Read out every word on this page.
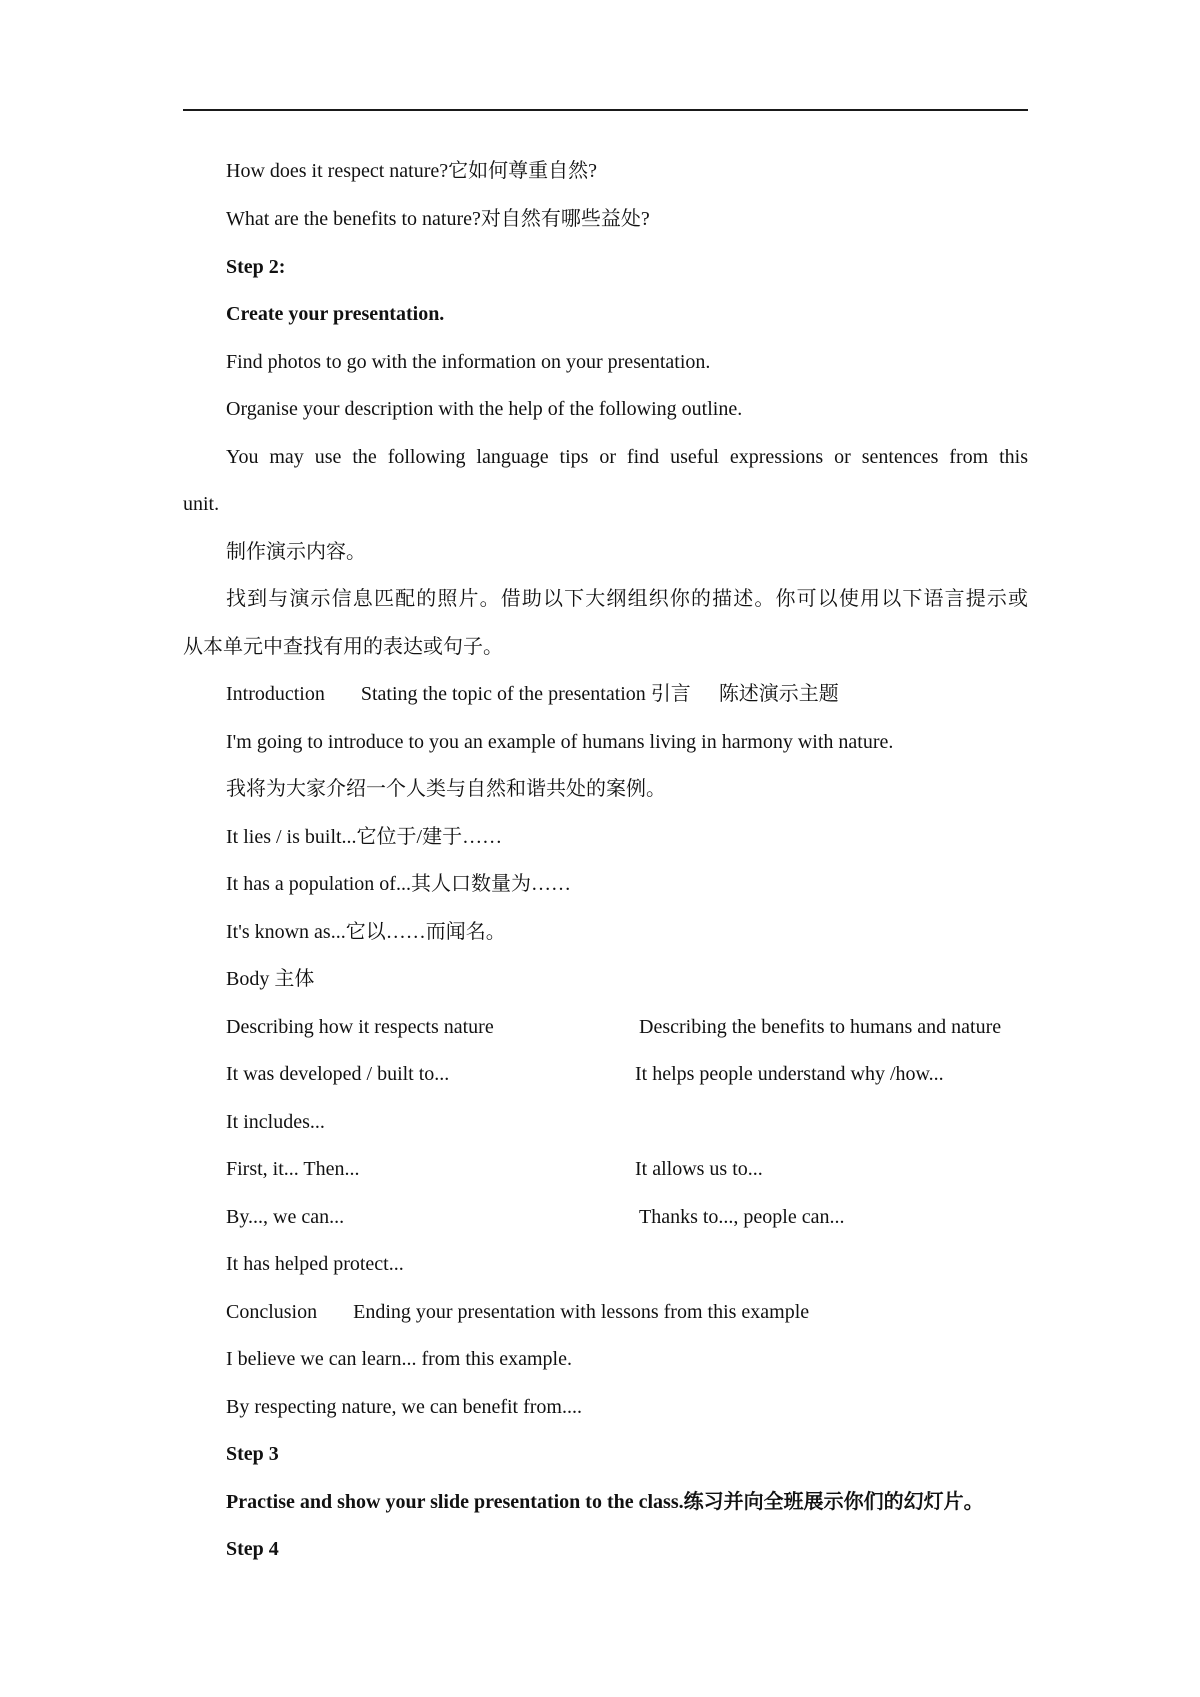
How does it respect nature?它如何尊重自然?
What are the benefits to nature?对自然有哪些益处?
Step 2:
Create your presentation.
Find photos to go with the information on your presentation.
Organise your description with the help of the following outline.
You may use the following language tips or find useful expressions or sentences from this
unit.
制作演示内容。
找到与演示信息匹配的照片。借助以下大纲组织你的描述。你可以使用以下语言提示或
从本单元中查找有用的表达或句子。
Introduction Stating the topic of the presentation 引言 陈述演示主题
I'm going to introduce to you an example of humans living in harmony with nature.
我将为大家介绍一个人类与自然和谐共处的案例。
It lies / is built...它位于/建于……
It has a population of...其人口数量为……
It's known as...它以……而闻名。
Body 主体
Describing how it respects nature	Describing the benefits to humans and nature
It was developed / built to...	It helps people understand why /how...
It includes...
First, it... Then...	It allows us to...
By..., we can...	Thanks to..., people can...
It has helped protect...
Conclusion Ending your presentation with lessons from this example
I believe we can learn... from this example.
By respecting nature, we can benefit from....
Step 3
Practise and show your slide presentation to the class.练习并向全班展示你们的幻灯片。
Step 4
